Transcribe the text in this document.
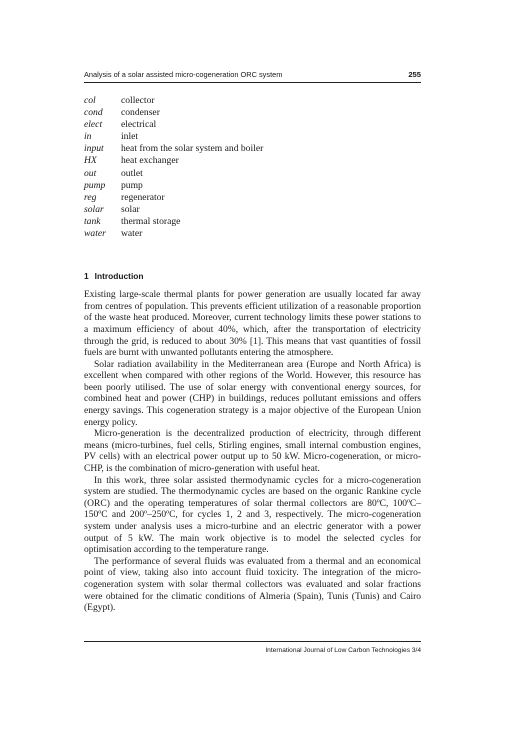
Analysis of a solar assisted micro-cogeneration ORC system	255
col	collector
cond	condenser
elect	electrical
in	inlet
input	heat from the solar system and boiler
HX	heat exchanger
out	outlet
pump	pump
reg	regenerator
solar	solar
tank	thermal storage
water	water
1 Introduction

Existing large-scale thermal plants for power generation are usually located far away from centres of population. This prevents efficient utilization of a reasonable proportion of the waste heat produced. Moreover, current technology limits these power stations to a maximum efficiency of about 40%, which, after the transportation of electricity through the grid, is reduced to about 30% [1]. This means that vast quantities of fossil fuels are burnt with unwanted pollutants entering the atmosphere.

Solar radiation availability in the Mediterranean area (Europe and North Africa) is excellent when compared with other regions of the World. However, this resource has been poorly utilised. The use of solar energy with conventional energy sources, for combined heat and power (CHP) in buildings, reduces pollutant emissions and offers energy savings. This cogeneration strategy is a major objective of the European Union energy policy.

Micro-generation is the decentralized production of electricity, through different means (micro-turbines, fuel cells, Stirling engines, small internal combustion engines, PV cells) with an electrical power output up to 50 kW. Micro-cogeneration, or micro-CHP, is the combination of micro-generation with useful heat.

In this work, three solar assisted thermodynamic cycles for a micro-cogeneration system are studied. The thermodynamic cycles are based on the organic Rankine cycle (ORC) and the operating temperatures of solar thermal collectors are 80ºC, 100ºC–150ºC and 200º–250ºC, for cycles 1, 2 and 3, respectively. The micro-cogeneration system under analysis uses a micro-turbine and an electric generator with a power output of 5 kW. The main work objective is to model the selected cycles for optimisation according to the temperature range.

The performance of several fluids was evaluated from a thermal and an economical point of view, taking also into account fluid toxicity. The integration of the micro-cogeneration system with solar thermal collectors was evaluated and solar fractions were obtained for the climatic conditions of Almeria (Spain), Tunis (Tunis) and Cairo (Egypt).

International Journal of Low Carbon Technologies 3/4
